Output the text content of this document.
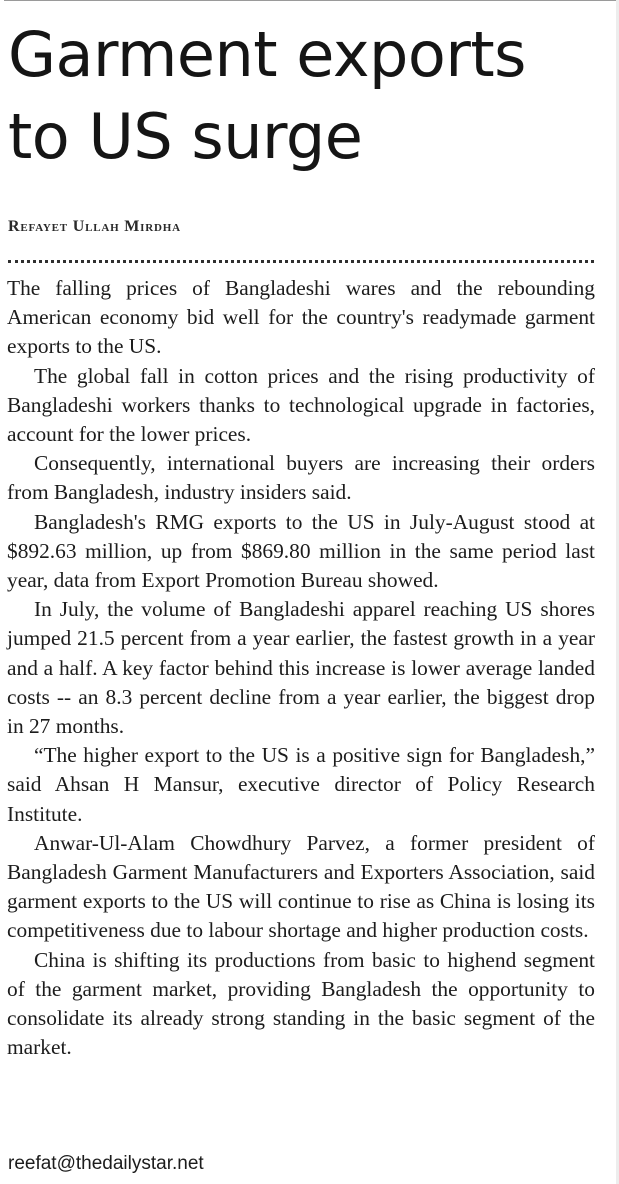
Garment exports
to US surge
Refayet Ullah Mirdha

The falling prices of Bangladeshi wares and the rebounding American economy bid well for the country's readymade garment exports to the US.

The global fall in cotton prices and the rising productivity of Bangladeshi workers thanks to technological upgrade in factories, account for the lower prices.

Consequently, international buyers are increasing their orders from Bangladesh, industry insiders said.

Bangladesh's RMG exports to the US in July-August stood at $892.63 million, up from $869.80 million in the same period last year, data from Export Promotion Bureau showed.

In July, the volume of Bangladeshi apparel reaching US shores jumped 21.5 percent from a year earlier, the fastest growth in a year and a half. A key factor behind this increase is lower average landed costs -- an 8.3 percent decline from a year earlier, the biggest drop in 27 months.

“The higher export to the US is a positive sign for Bangladesh,” said Ahsan H Mansur, executive director of Policy Research Institute.

Anwar-Ul-Alam Chowdhury Parvez, a former president of Bangladesh Garment Manufacturers and Exporters Association, said garment exports to the US will continue to rise as China is losing its competitiveness due to labour shortage and higher production costs.

China is shifting its productions from basic to highend segment of the garment market, providing Bangladesh the opportunity to consolidate its already strong standing in the basic segment of the market.

reefat@thedailystar.net
